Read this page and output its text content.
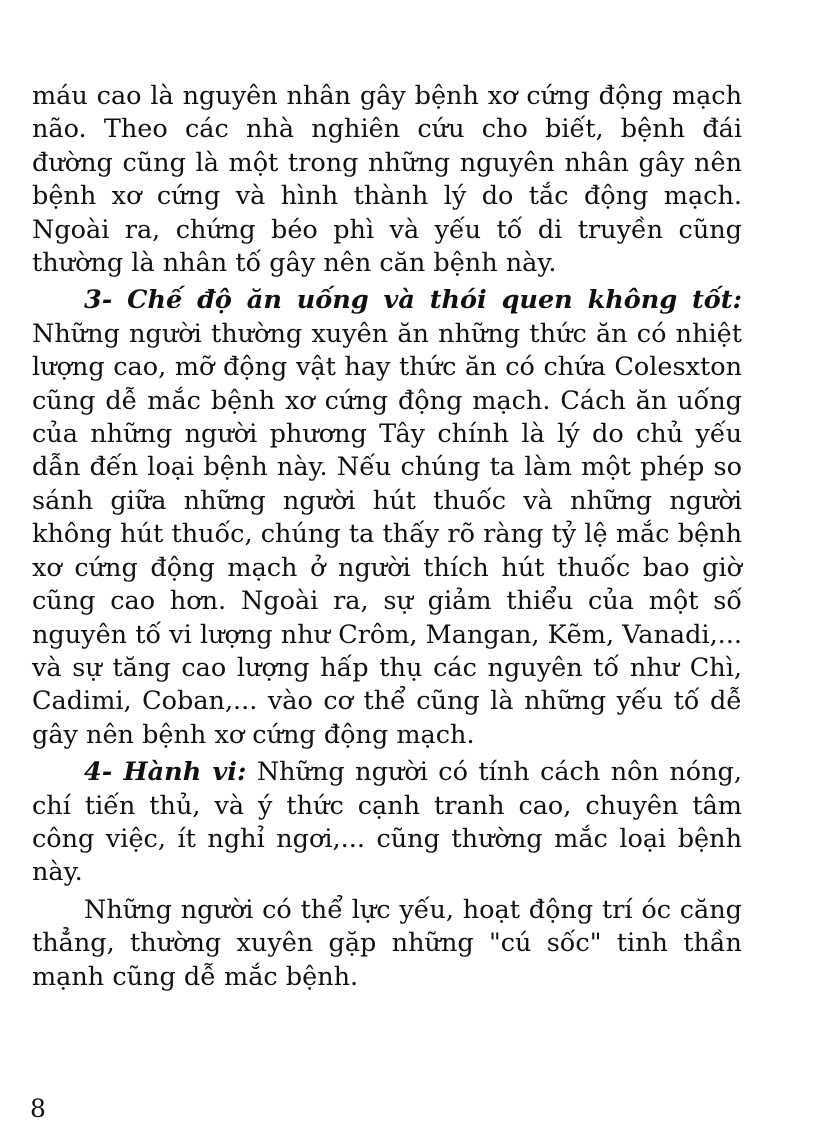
máu cao là nguyên nhân gây bệnh xơ cứng động mạch não. Theo các nhà nghiên cứu cho biết, bệnh đái đường cũng là một trong những nguyên nhân gây nên bệnh xơ cứng và hình thành lý do tắc động mạch. Ngoài ra, chứng béo phì và yếu tố di truyền cũng thường là nhân tố gây nên căn bệnh này.

3- Chế độ ăn uống và thói quen không tốt: Những người thường xuyên ăn những thức ăn có nhiệt lượng cao, mỡ động vật hay thức ăn có chứa Colesxton cũng dễ mắc bệnh xơ cứng động mạch. Cách ăn uống của những người phương Tây chính là lý do chủ yếu dẫn đến loại bệnh này. Nếu chúng ta làm một phép so sánh giữa những người hút thuốc và những người không hút thuốc, chúng ta thấy rõ ràng tỷ lệ mắc bệnh xơ cứng động mạch ở người thích hút thuốc bao giờ cũng cao hơn. Ngoài ra, sự giảm thiểu của một số nguyên tố vi lượng như Crôm, Mangan, Kẽm, Vanadi,... và sự tăng cao lượng hấp thụ các nguyên tố như Chì, Cadimi, Coban,... vào cơ thể cũng là những yếu tố dễ gây nên bệnh xơ cứng động mạch.

4- Hành vi: Những người có tính cách nôn nóng, chí tiến thủ, và ý thức cạnh tranh cao, chuyên tâm công việc, ít nghỉ ngơi,... cũng thường mắc loại bệnh này.

Những người có thể lực yếu, hoạt động trí óc căng thẳng, thường xuyên gặp những "cú sốc" tinh thần mạnh cũng dễ mắc bệnh.

8
